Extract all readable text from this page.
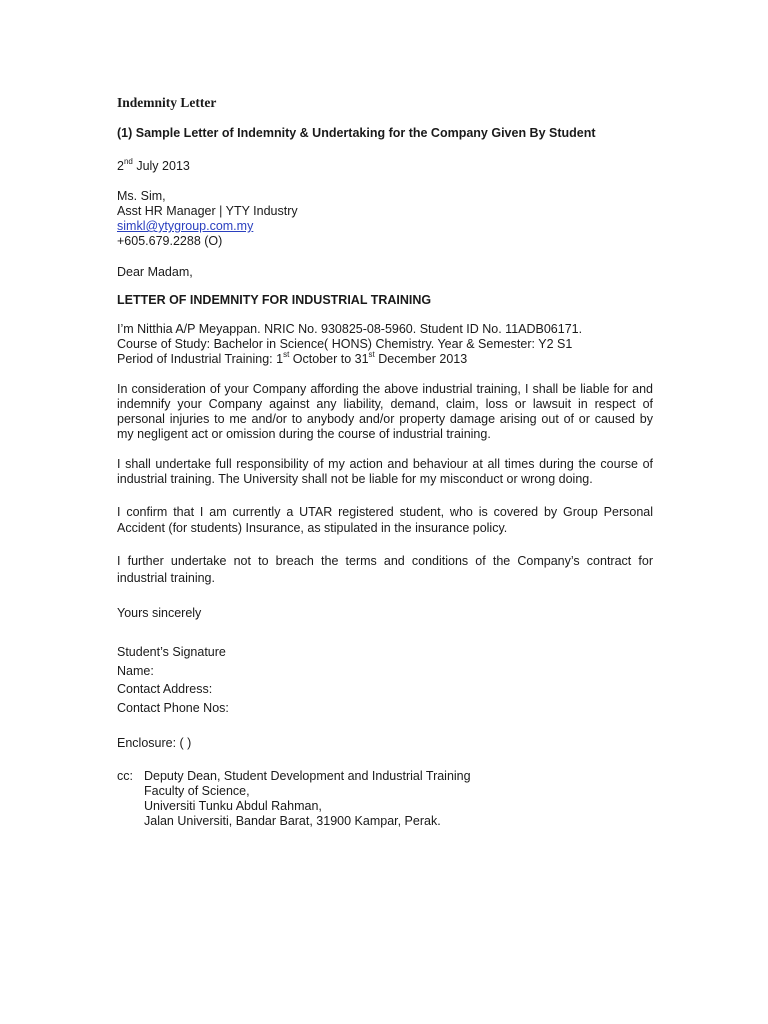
Indemnity Letter
(1) Sample Letter of Indemnity & Undertaking for the Company Given By Student
2nd July 2013
Ms. Sim,
Asst HR Manager | YTY Industry
simkl@ytygroup.com.my
+605.679.2288 (O)
Dear Madam,
LETTER OF INDEMNITY FOR INDUSTRIAL TRAINING
I’m Nitthia A/P Meyappan. NRIC No. 930825-08-5960. Student ID No. 11ADB06171.
Course of Study: Bachelor in Science( HONS) Chemistry. Year & Semester: Y2 S1
Period of Industrial Training: 1st October to 31st December 2013
In consideration of your Company affording the above industrial training, I shall be liable for and indemnify your Company against any liability, demand, claim, loss or lawsuit in respect of personal injuries to me and/or to anybody and/or property damage arising out of or caused by my negligent act or omission during the course of industrial training.
I shall undertake full responsibility of my action and behaviour at all times during the course of industrial training. The University shall not be liable for my misconduct or wrong doing.
I confirm that I am currently a UTAR registered student, who is covered by Group Personal Accident (for students) Insurance, as stipulated in the insurance policy.
I further undertake not to breach the terms and conditions of the Company’s contract for industrial training.
Yours sincerely
Student’s Signature
Name:
Contact Address:
Contact Phone Nos:
Enclosure: ( )
cc: Deputy Dean, Student Development and Industrial Training
Faculty of Science,
Universiti Tunku Abdul Rahman,
Jalan Universiti, Bandar Barat, 31900 Kampar, Perak.
